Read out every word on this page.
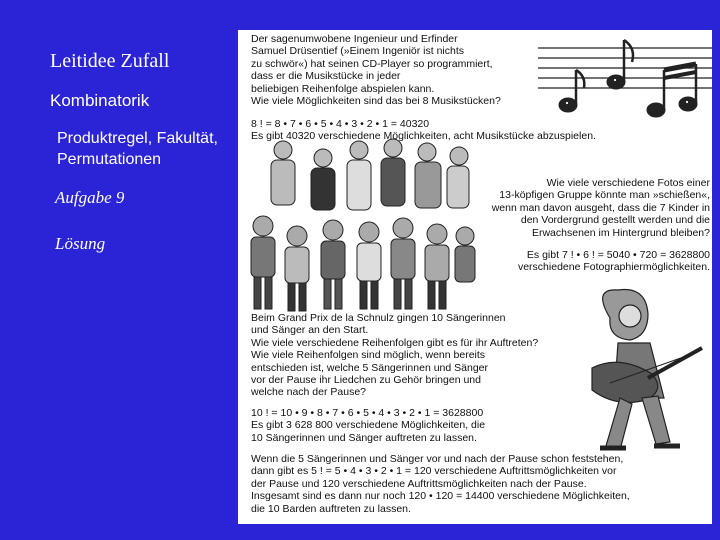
Leitidee Zufall
Kombinatorik
Produktregel, Fakultät,
Permutationen
Aufgabe 9
Lösung
Der sagenumwobene Ingenieur und Erfinder
Samuel Drüsentief (»Einem Ingeniör ist nichts
zu schwör«) hat seinen CD-Player so programmiert,
dass er die Musikstücke in jeder
beliebigen Reihenfolge abspielen kann.
Wie viele Möglichkeiten sind das bei 8 Musikstücken?
8 ! = 8 • 7 • 6 • 5 • 4 • 3 • 2 • 1 = 40320
Es gibt 40320 verschiedene Möglichkeiten, acht Musikstücke abzuspielen.
Wie viele verschiedene Fotos einer
13-köpfigen Gruppe könnte man »schießen«,
wenn man davon ausgeht, dass die 7 Kinder in
den Vordergrund gestellt werden und die
Erwachsenen im Hintergrund bleiben?
Es gibt 7 ! • 6 ! = 5040 • 720 = 3628800
verschiedene Fotographiermöglichkeiten.
Beim Grand Prix de la Schnulz gingen 10 Sängerinnen
und Sänger an den Start.
Wie viele verschiedene Reihenfolgen gibt es für ihr Auftreten?
Wie viele Reihenfolgen sind möglich, wenn bereits
entschieden ist, welche 5 Sängerinnen und Sänger
vor der Pause ihr Liedchen zu Gehör bringen und
welche nach der Pause?
10 ! = 10 • 9 • 8 • 7 • 6 • 5 • 4 • 3 • 2 • 1 = 3628800
Es gibt 3 628 800 verschiedene Möglichkeiten, die
10 Sängerinnen und Sänger auftreten zu lassen.
Wenn die 5 Sängerinnen und Sänger vor und nach der Pause schon feststehen,
dann gibt es 5 ! = 5 • 4 • 3 • 2 • 1 = 120 verschiedene Auftrittsmöglichkeiten vor
der Pause und 120 verschiedene Auftrittsmöglichkeiten nach der Pause.
Insgesamt sind es dann nur noch 120 • 120 = 14400 verschiedene Möglichkeiten,
die 10 Barden auftreten zu lassen.
